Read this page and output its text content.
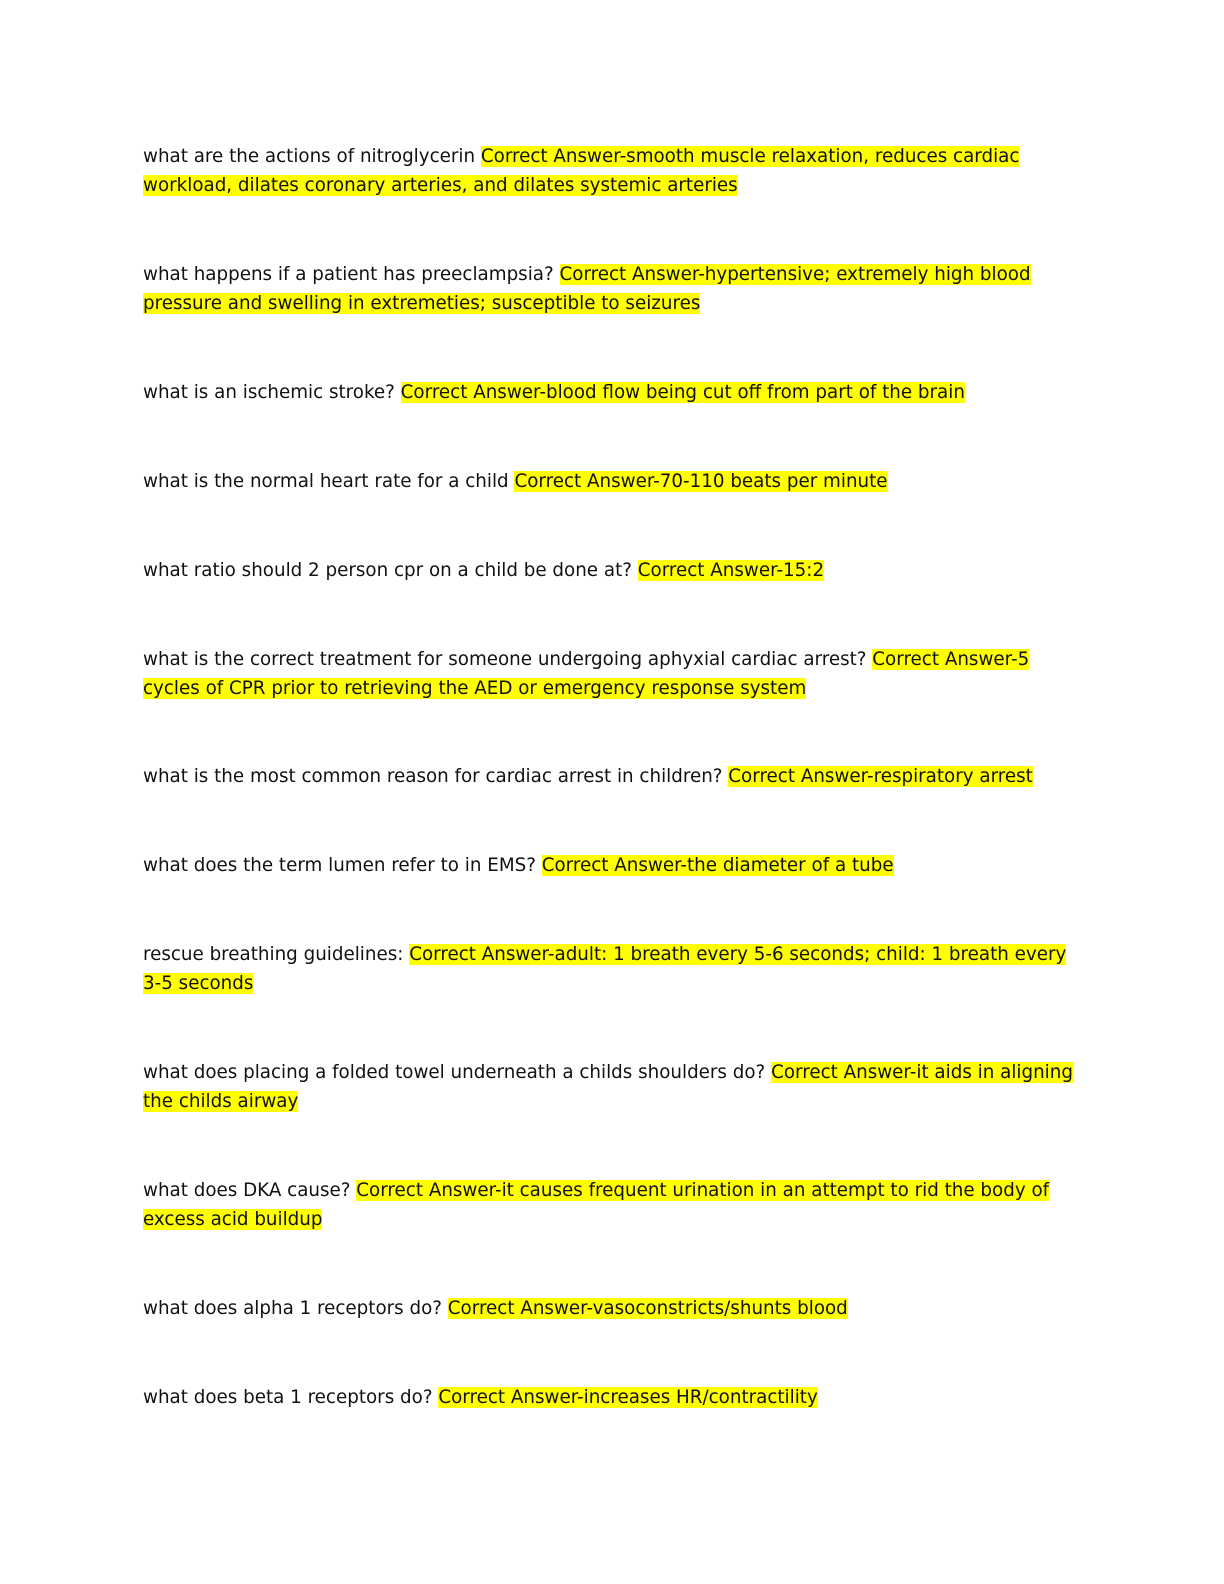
what are the actions of nitroglycerin Correct Answer-smooth muscle relaxation, reduces cardiac workload, dilates coronary arteries, and dilates systemic arteries

what happens if a patient has preeclampsia? Correct Answer-hypertensive; extremely high blood pressure and swelling in extremeties; susceptible to seizures

what is an ischemic stroke? Correct Answer-blood flow being cut off from part of the brain

what is the normal heart rate for a child Correct Answer-70-110 beats per minute

what ratio should 2 person cpr on a child be done at? Correct Answer-15:2

what is the correct treatment for someone undergoing aphyxial cardiac arrest? Correct Answer-5 cycles of CPR prior to retrieving the AED or emergency response system

what is the most common reason for cardiac arrest in children? Correct Answer-respiratory arrest

what does the term lumen refer to in EMS? Correct Answer-the diameter of a tube

rescue breathing guidelines: Correct Answer-adult: 1 breath every 5-6 seconds; child: 1 breath every 3-5 seconds

what does placing a folded towel underneath a childs shoulders do? Correct Answer-it aids in aligning the childs airway

what does DKA cause? Correct Answer-it causes frequent urination in an attempt to rid the body of excess acid buildup

what does alpha 1 receptors do? Correct Answer-vasoconstricts/shunts blood

what does beta 1 receptors do? Correct Answer-increases HR/contractility
